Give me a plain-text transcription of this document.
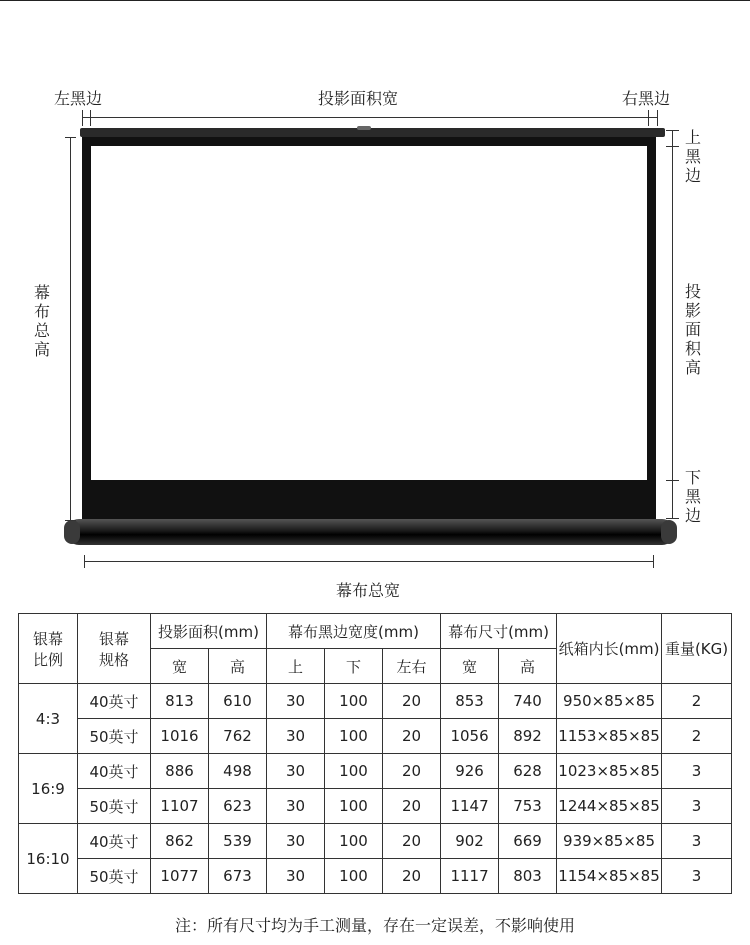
左黑边	投影面积宽	右黑边
幕布总高
上黑边
投影面积高
下黑边
幕布总宽
银幕比例	银幕规格	投影面积(mm)		幕布黑边宽度(mm)			幕布尺寸(mm)		纸箱内长(mm)	重量(KG)
		宽	高	上	下	左右	宽	高		
4:3	40英寸	813	610	30	100	20	853	740	950×85×85	2
	50英寸	1016	762	30	100	20	1056	892	1153×85×85	2
16:9	40英寸	886	498	30	100	20	926	628	1023×85×85	3
	50英寸	1107	623	30	100	20	1147	753	1244×85×85	3
16:10	40英寸	862	539	30	100	20	902	669	939×85×85	3
	50英寸	1077	673	30	100	20	1117	803	1154×85×85	3
注：所有尺寸均为手工测量，存在一定误差，不影响使用
